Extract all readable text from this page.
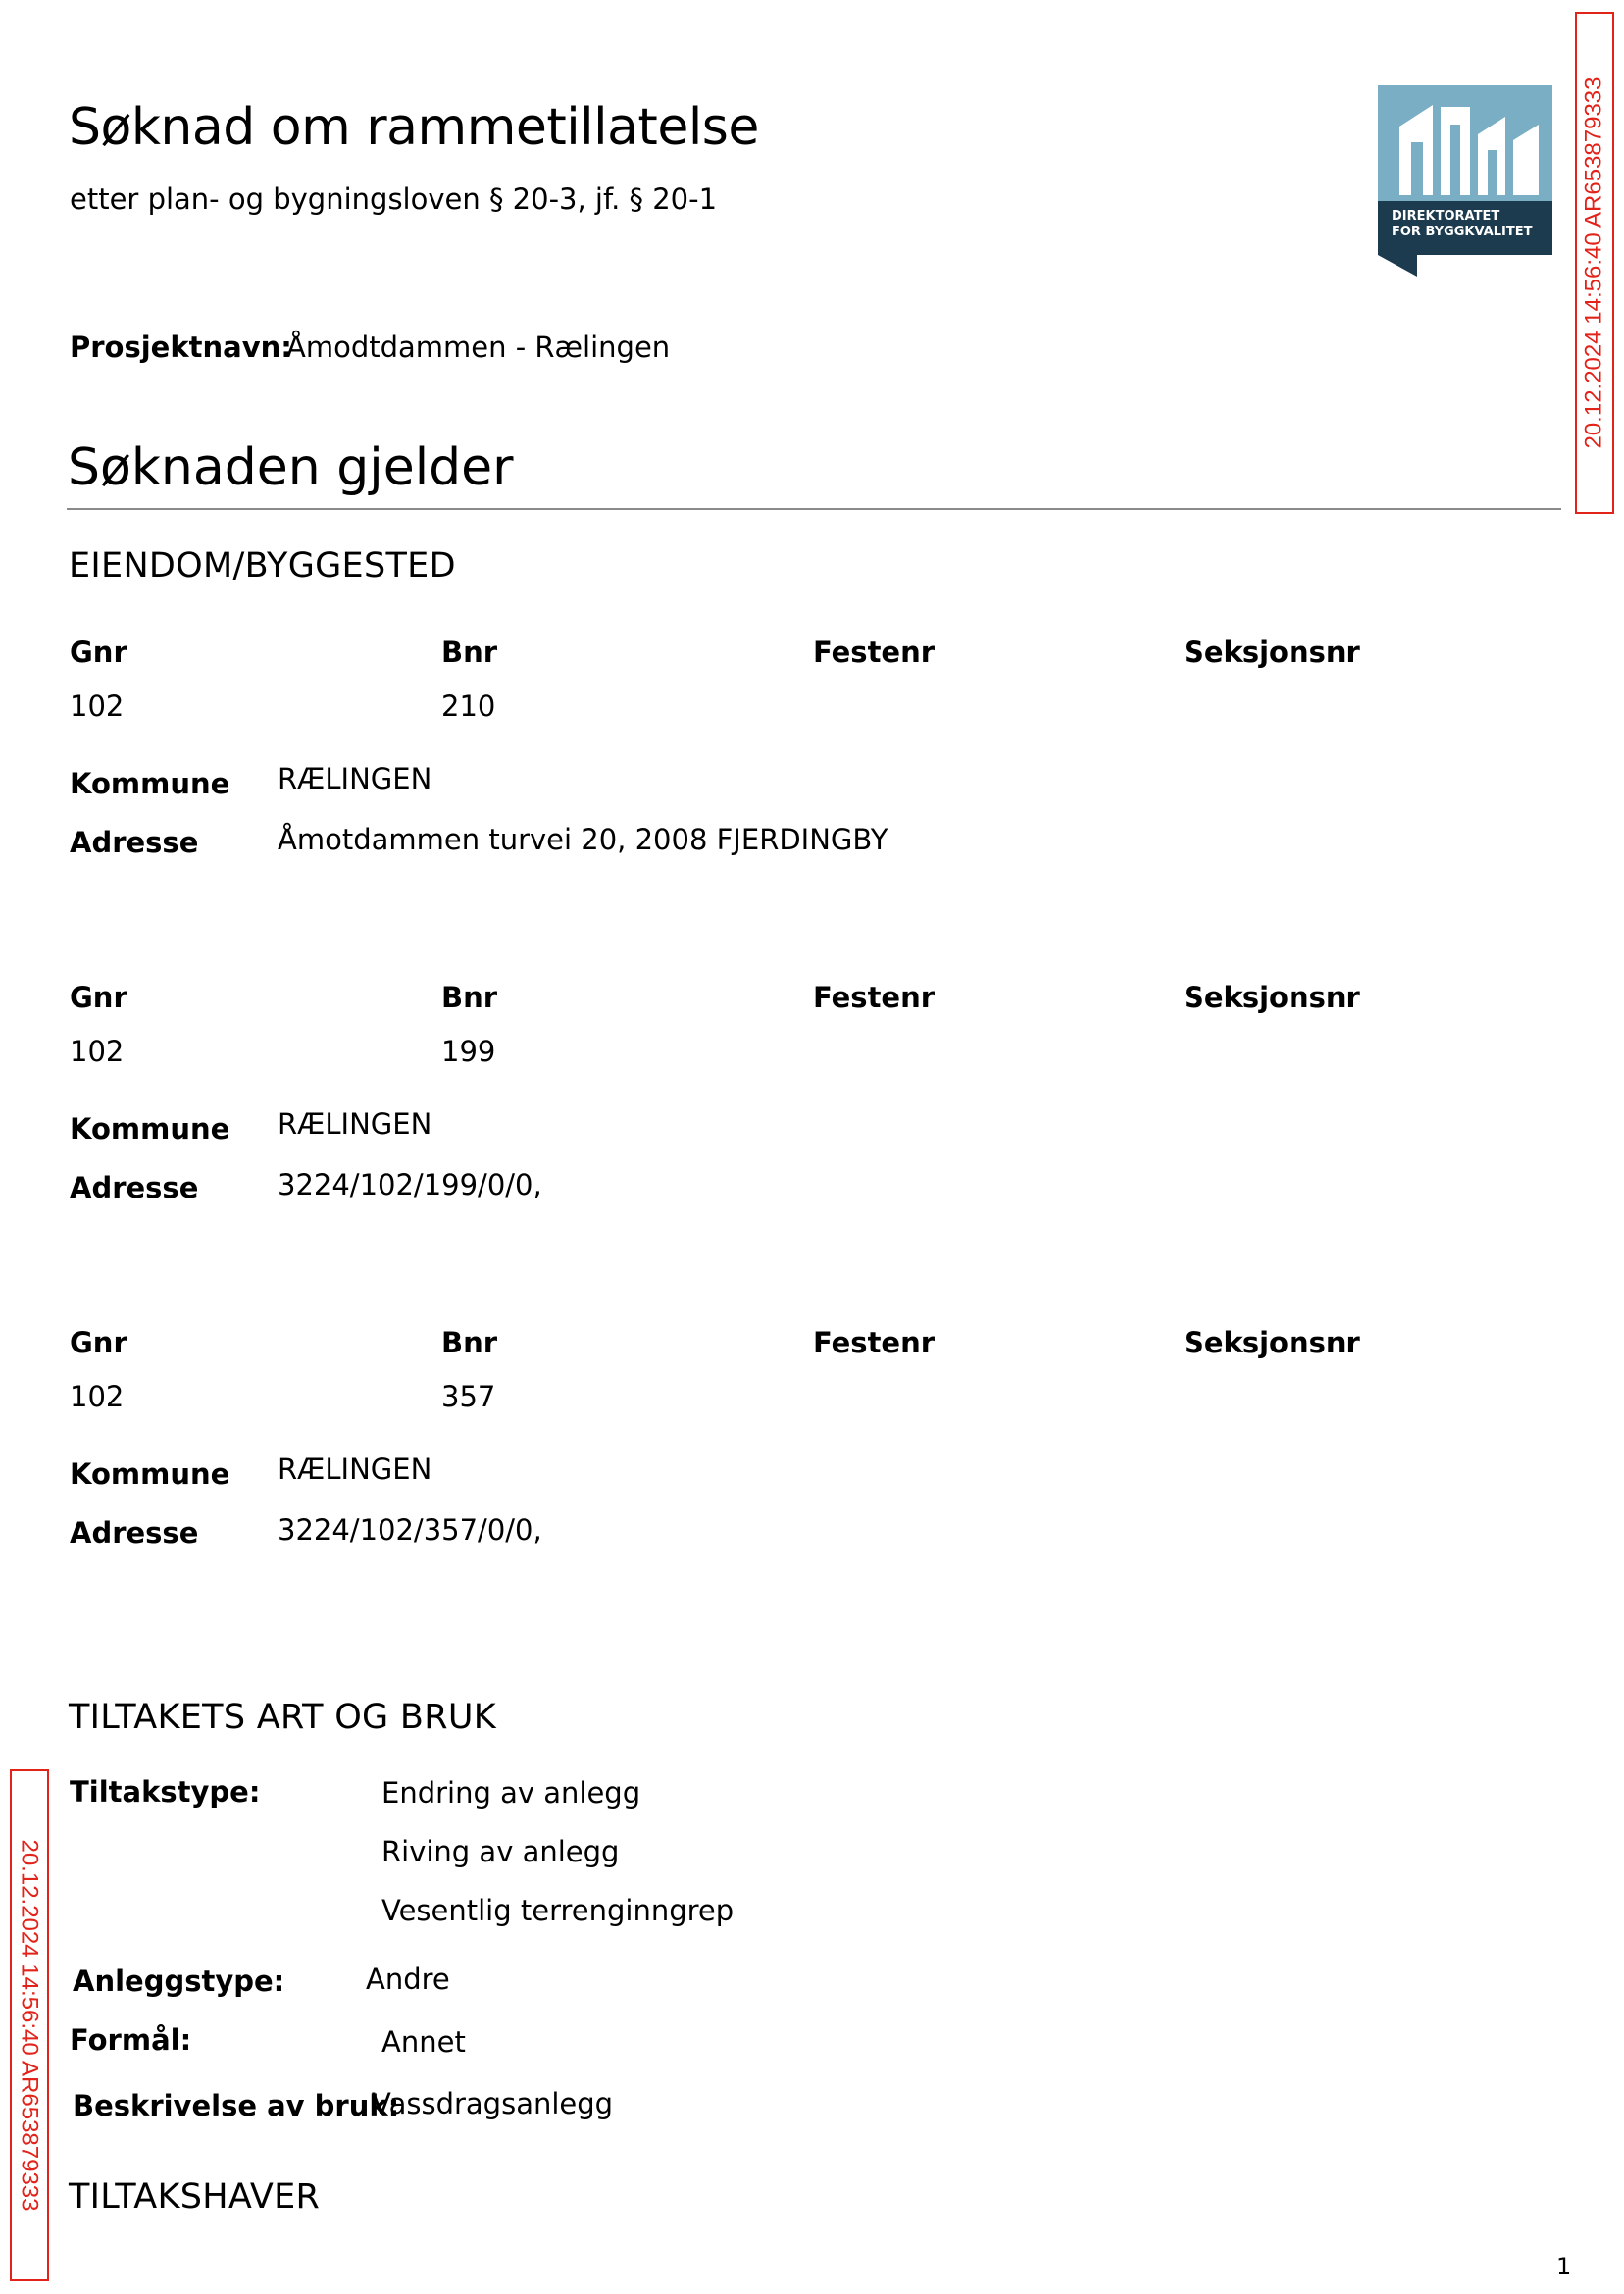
Søknad om rammetillatelse
etter plan- og bygningsloven § 20-3, jf. § 20-1
DIREKTORATET
FOR BYGGKVALITET 20.12.2024 14:56:40 AR653879333
Prosjektnavn:
Åmodtdammen - Rælingen
Søknaden gjelder
EIENDOM/BYGGESTED
Gnr	Bnr	Festenr	Seksjonsnr
102	210
Kommune RÆLINGEN
Adresse	Åmotdammen turvei 20, 2008 FJERDINGBY
Gnr	Bnr	Festenr	Seksjonsnr
102	199
Kommune RÆLINGEN
Adresse	3224/102/199/0/0,
Gnr	Bnr	Festenr	Seksjonsnr
102	357
Kommune RÆLINGEN
Adresse	3224/102/357/0/0,
TILTAKETS ART OG BRUK
Tiltakstype:	Endring av anlegg
Riving av anlegg
Vesentlig terrenginngrep
Anleggstype:	Andre
Formål:	Annet
Beskrivelse av bruk:
Vassdragsanlegg
TILTAKSHAVER
20.12.2024 14:56:40 AR653879333
1
